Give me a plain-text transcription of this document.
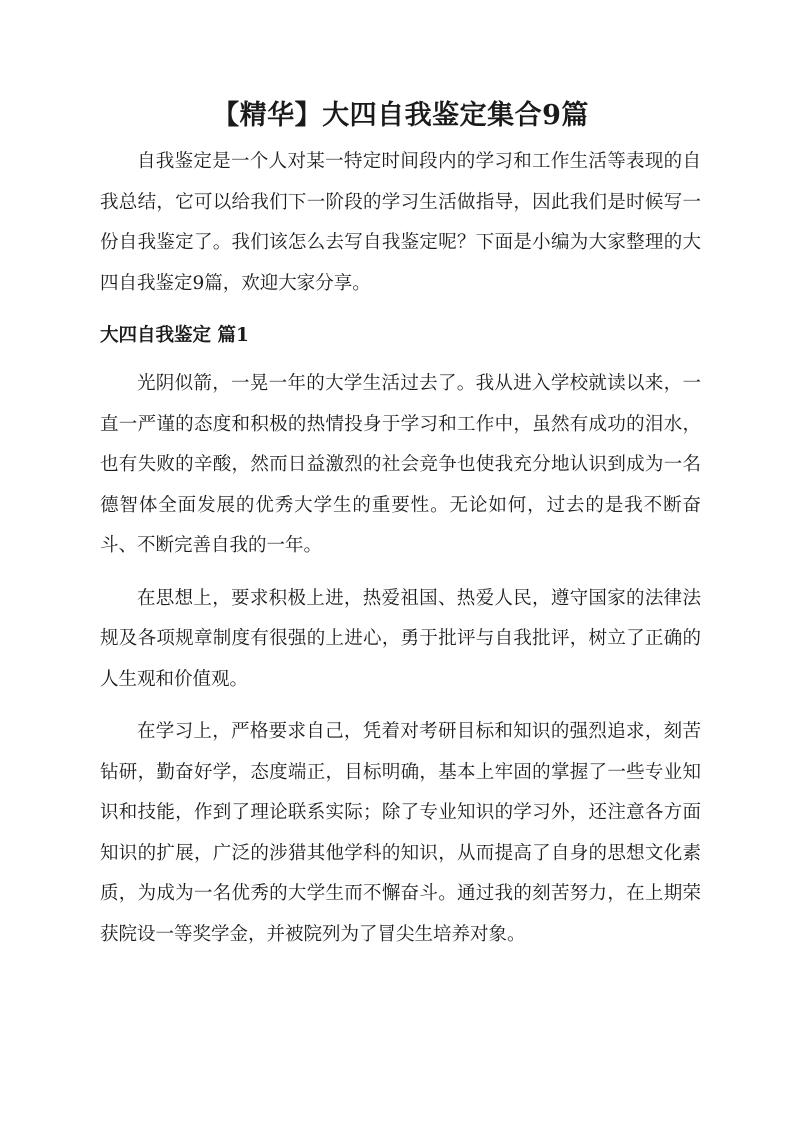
【精华】大四自我鉴定集合9篇

自我鉴定是一个人对某一特定时间段内的学习和工作生活等表现的自我总结，它可以给我们下一阶段的学习生活做指导，因此我们是时候写一份自我鉴定了。我们该怎么去写自我鉴定呢？下面是小编为大家整理的大四自我鉴定9篇，欢迎大家分享。

大四自我鉴定 篇1

光阴似箭，一晃一年的大学生活过去了。我从进入学校就读以来，一直一严谨的态度和积极的热情投身于学习和工作中，虽然有成功的泪水，也有失败的辛酸，然而日益激烈的社会竞争也使我充分地认识到成为一名德智体全面发展的优秀大学生的重要性。无论如何，过去的是我不断奋斗、不断完善自我的一年。

在思想上，要求积极上进，热爱祖国、热爱人民，遵守国家的法律法规及各项规章制度有很强的上进心，勇于批评与自我批评，树立了正确的人生观和价值观。

在学习上，严格要求自己，凭着对考研目标和知识的强烈追求，刻苦钻研，勤奋好学，态度端正，目标明确，基本上牢固的掌握了一些专业知识和技能，作到了理论联系实际；除了专业知识的学习外，还注意各方面知识的扩展，广泛的涉猎其他学科的知识，从而提高了自身的思想文化素质，为成为一名优秀的大学生而不懈奋斗。通过我的刻苦努力，在上期荣获院设一等奖学金，并被院列为了冒尖生培养对象。
